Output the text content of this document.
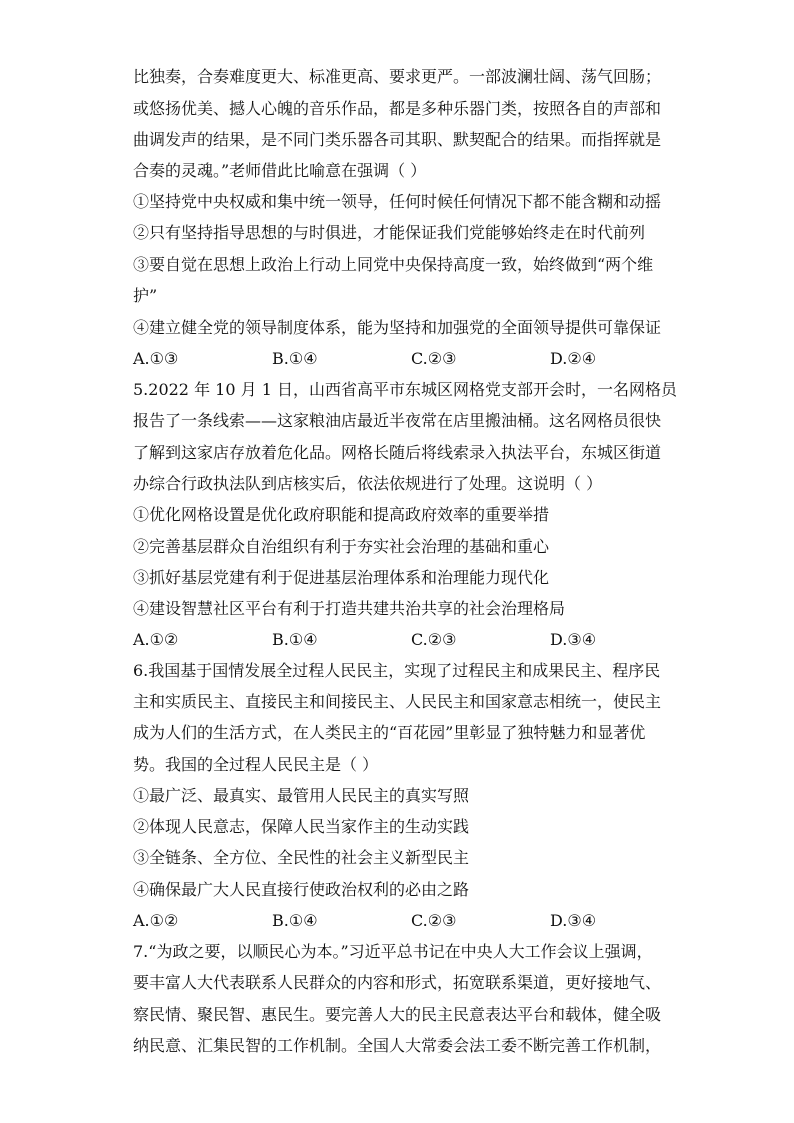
比独奏，合奏难度更大、标准更高、要求更严。一部波澜壮阔、荡气回肠；
或悠扬优美、撼人心魄的音乐作品，都是多种乐器门类，按照各自的声部和
曲调发声的结果，是不同门类乐器各司其职、默契配合的结果。而指挥就是
合奏的灵魂。”老师借此比喻意在强调（ ）
①坚持党中央权威和集中统一领导，任何时候任何情况下都不能含糊和动摇
②只有坚持指导思想的与时俱进，才能保证我们党能够始终走在时代前列
③要自觉在思想上政治上行动上同党中央保持高度一致，始终做到“两个维
护”
④建立健全党的领导制度体系，能为坚持和加强党的全面领导提供可靠保证
A.①③	B.①④	C.②③	D.②④
5.2022 年 10 月 1 日，山西省高平市东城区网格党支部开会时，一名网格员
报告了一条线索——这家粮油店最近半夜常在店里搬油桶。这名网格员很快
了解到这家店存放着危化品。网格长随后将线索录入执法平台，东城区街道
办综合行政执法队到店核实后，依法依规进行了处理。这说明（ ）
①优化网格设置是优化政府职能和提高政府效率的重要举措
②完善基层群众自治组织有利于夯实社会治理的基础和重心
③抓好基层党建有利于促进基层治理体系和治理能力现代化
④建设智慧社区平台有利于打造共建共治共享的社会治理格局
A.①②	B.①④	C.②③	D.③④
6.我国基于国情发展全过程人民民主，实现了过程民主和成果民主、程序民
主和实质民主、直接民主和间接民主、人民民主和国家意志相统一，使民主
成为人们的生活方式，在人类民主的“百花园”里彰显了独特魅力和显著优
势。我国的全过程人民民主是（ ）
①最广泛、最真实、最管用人民民主的真实写照
②体现人民意志，保障人民当家作主的生动实践
③全链条、全方位、全民性的社会主义新型民主
④确保最广大人民直接行使政治权利的必由之路
A.①②	B.①④	C.②③	D.③④
7.“为政之要，以顺民心为本。”习近平总书记在中央人大工作会议上强调，
要丰富人大代表联系人民群众的内容和形式，拓宽联系渠道，更好接地气、
察民情、聚民智、惠民生。要完善人大的民主民意表达平台和载体，健全吸
纳民意、汇集民智的工作机制。全国人大常委会法工委不断完善工作机制，
